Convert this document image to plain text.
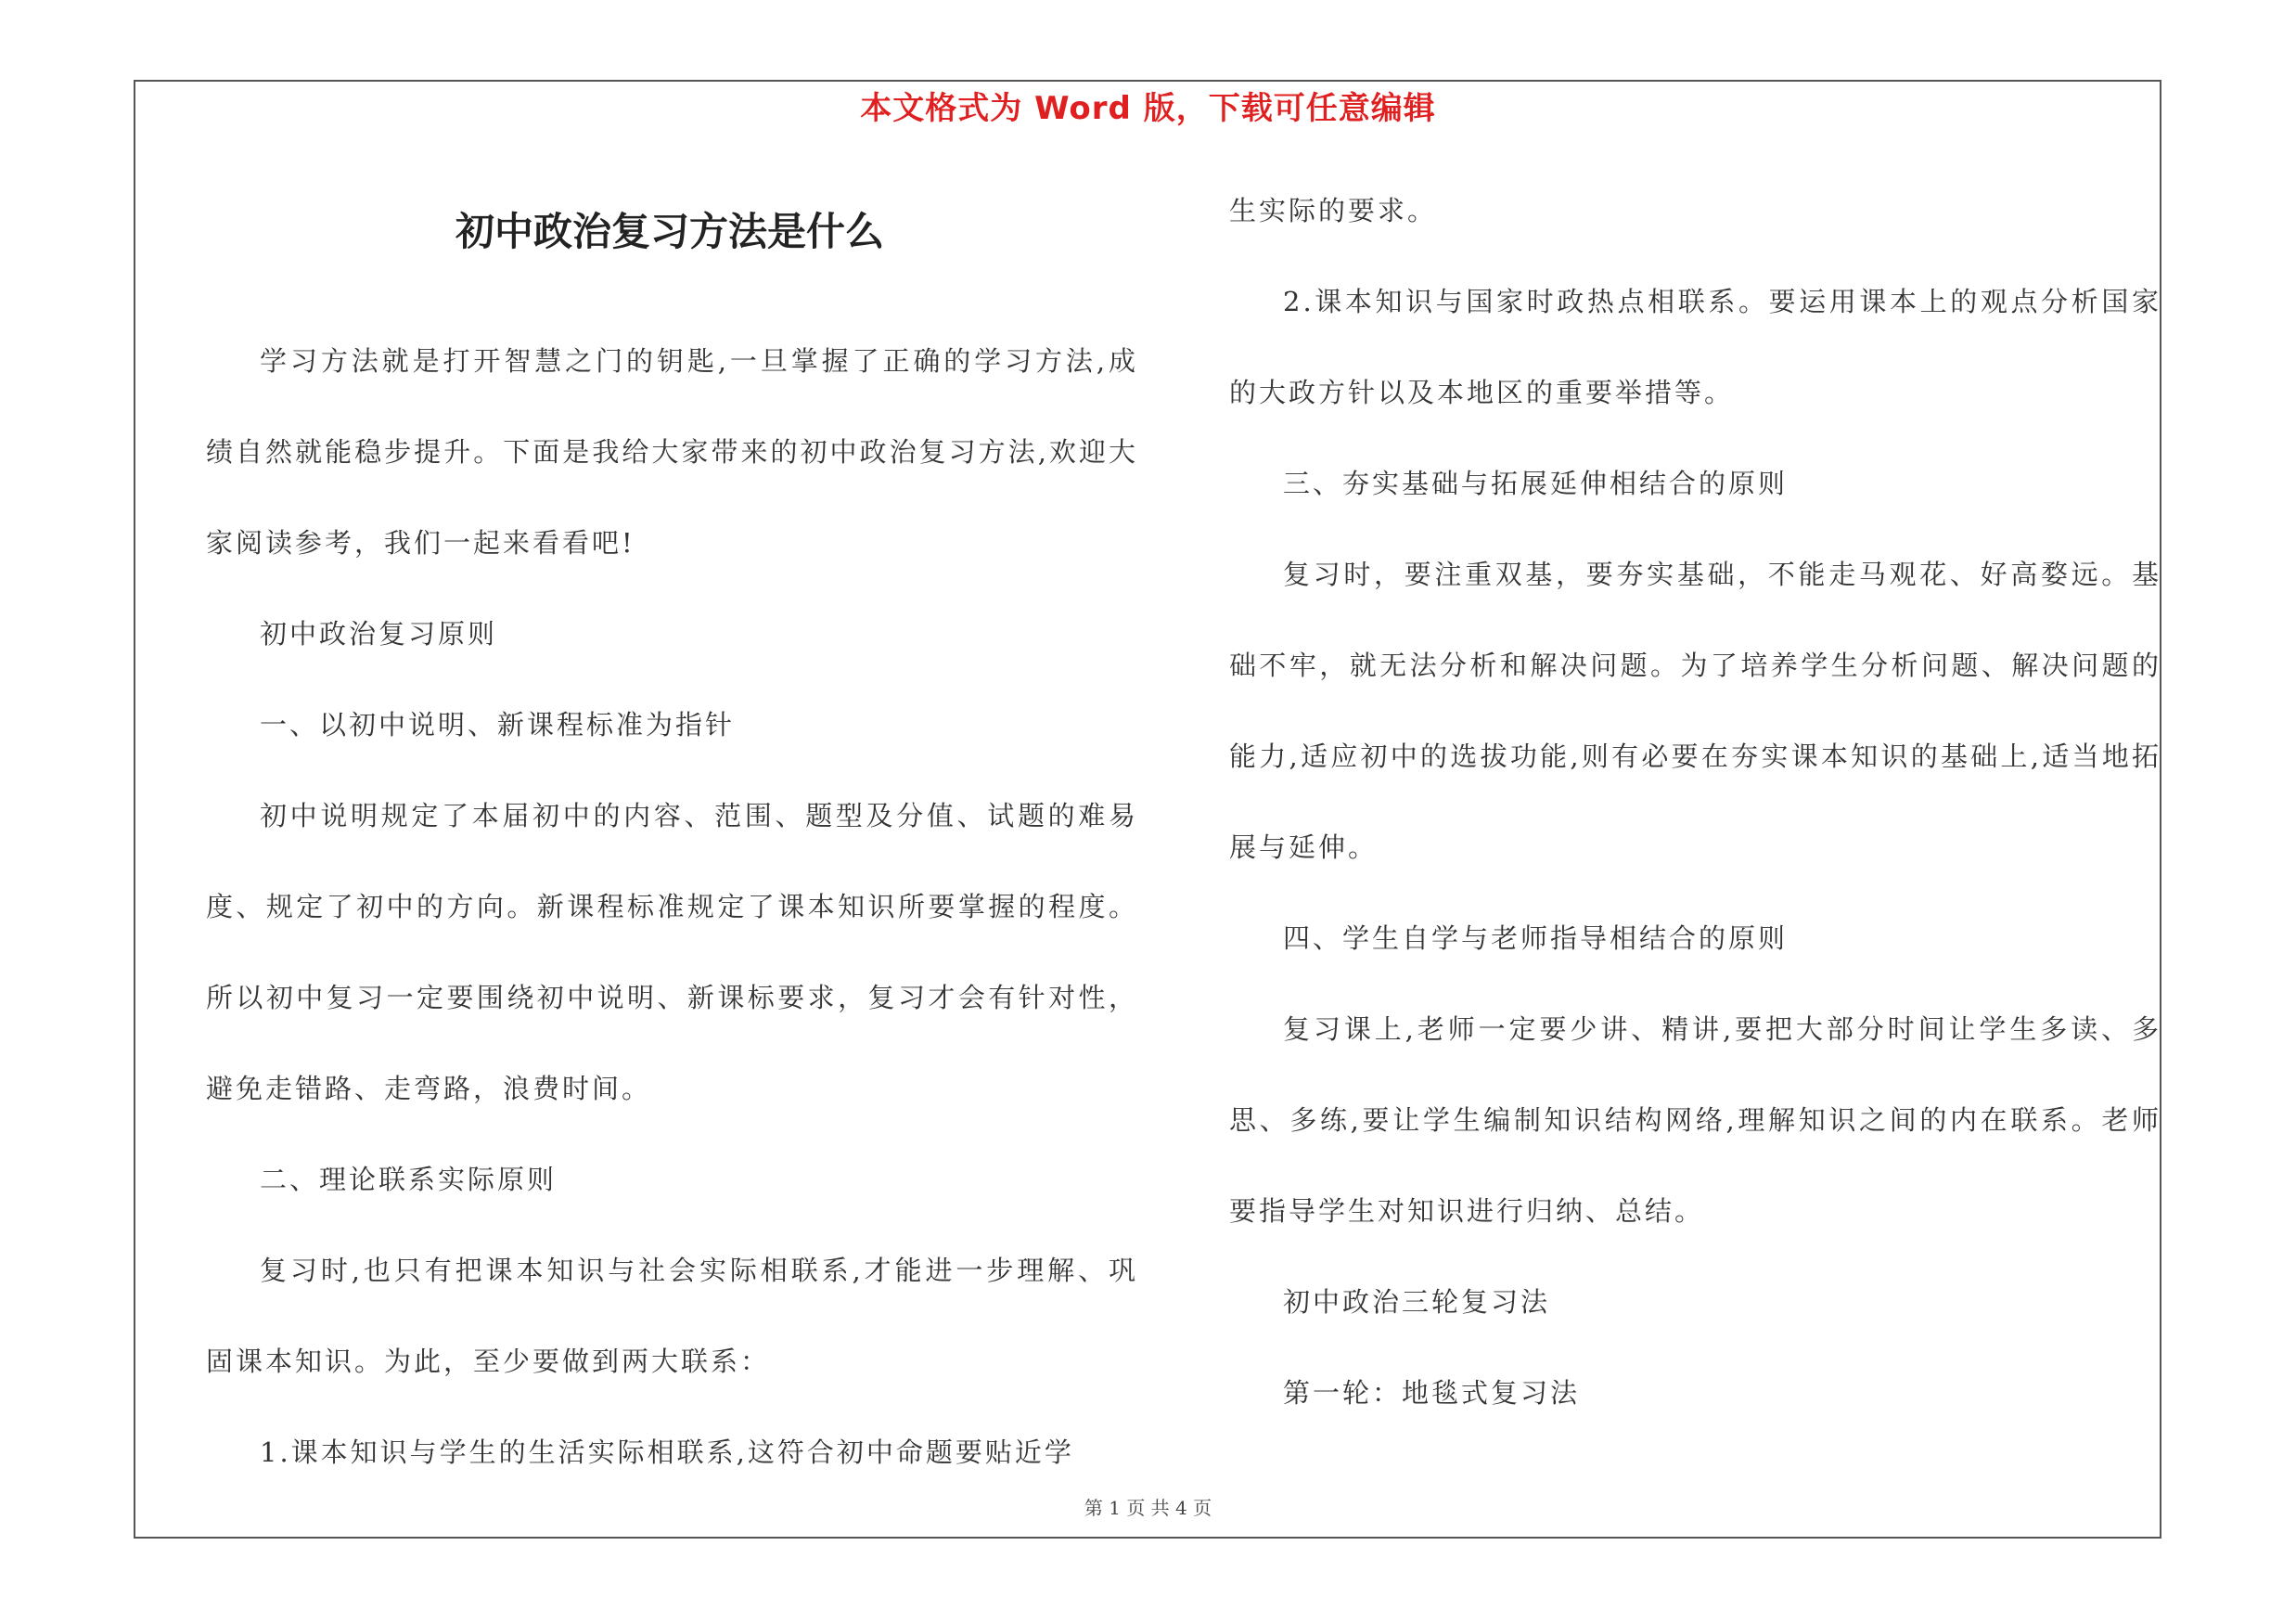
本文格式为 Word 版，下载可任意编辑
初中政治复习方法是什么

学习方法就是打开智慧之门的钥匙,一旦掌握了正确的学习方法,成绩自然就能稳步提升。下面是我给大家带来的初中政治复习方法,欢迎大家阅读参考，我们一起来看看吧!

初中政治复习原则

一、以初中说明、新课程标准为指针

初中说明规定了本届初中的内容、范围、题型及分值、试题的难易度、规定了初中的方向。新课程标准规定了课本知识所要掌握的程度。所以初中复习一定要围绕初中说明、新课标要求，复习才会有针对性，避免走错路、走弯路，浪费时间。

二、理论联系实际原则

复习时,也只有把课本知识与社会实际相联系,才能进一步理解、巩固课本知识。为此，至少要做到两大联系：

1.课本知识与学生的生活实际相联系,这符合初中命题要贴近学

生实际的要求。

2.课本知识与国家时政热点相联系。要运用课本上的观点分析国家的大政方针以及本地区的重要举措等。

三、夯实基础与拓展延伸相结合的原则

复习时，要注重双基，要夯实基础，不能走马观花、好高婺远。基础不牢，就无法分析和解决问题。为了培养学生分析问题、解决问题的能力,适应初中的选拔功能,则有必要在夯实课本知识的基础上,适当地拓展与延伸。

四、学生自学与老师指导相结合的原则

复习课上,老师一定要少讲、精讲,要把大部分时间让学生多读、多思、多练,要让学生编制知识结构网络,理解知识之间的内在联系。老师要指导学生对知识进行归纳、总结。

初中政治三轮复习法

第一轮：地毯式复习法

第 1 页 共 4 页
